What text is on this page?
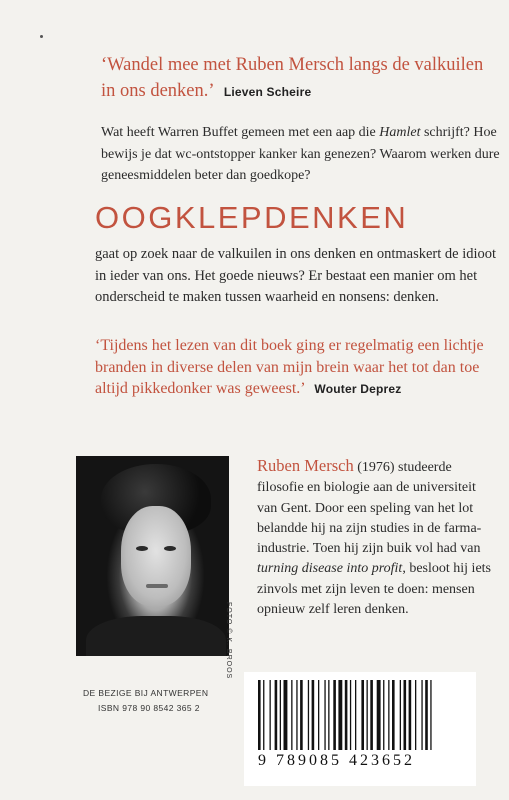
‘Wandel mee met Ruben Mersch langs de valkuilen in ons denken.’ Lieven Scheire
Wat heeft Warren Buffet gemeen met een aap die Hamlet schrijft? Hoe bewijs je dat wc-ontstopper kanker kan genezen? Waarom werken dure geneesmiddelen beter dan goedkope?
OOGKLEPDENKEN
gaat op zoek naar de valkuilen in ons denken en ontmaskert de idioot in ieder van ons. Het goede nieuws? Er bestaat een manier om het onderscheid te maken tussen waarheid en nonsens: denken.
‘Tijdens het lezen van dit boek ging er regelmatig een lichtje branden in diverse delen van mijn brein waar het tot dan toe altijd pikkedonker was geweest.’ Wouter Deprez
FOTO © K. BROOS
Ruben Mersch (1976) studeerde filosofie en biologie aan de universiteit van Gent. Door een speling van het lot belandde hij na zijn studies in de farma-industrie. Toen hij zijn buik vol had van turning disease into profit, besloot hij iets zinvols met zijn leven te doen: mensen opnieuw zelf leren denken.
DE BEZIGE BIJ ANTWERPEN
ISBN 978 90 8542 365 2
9 789085 423652
